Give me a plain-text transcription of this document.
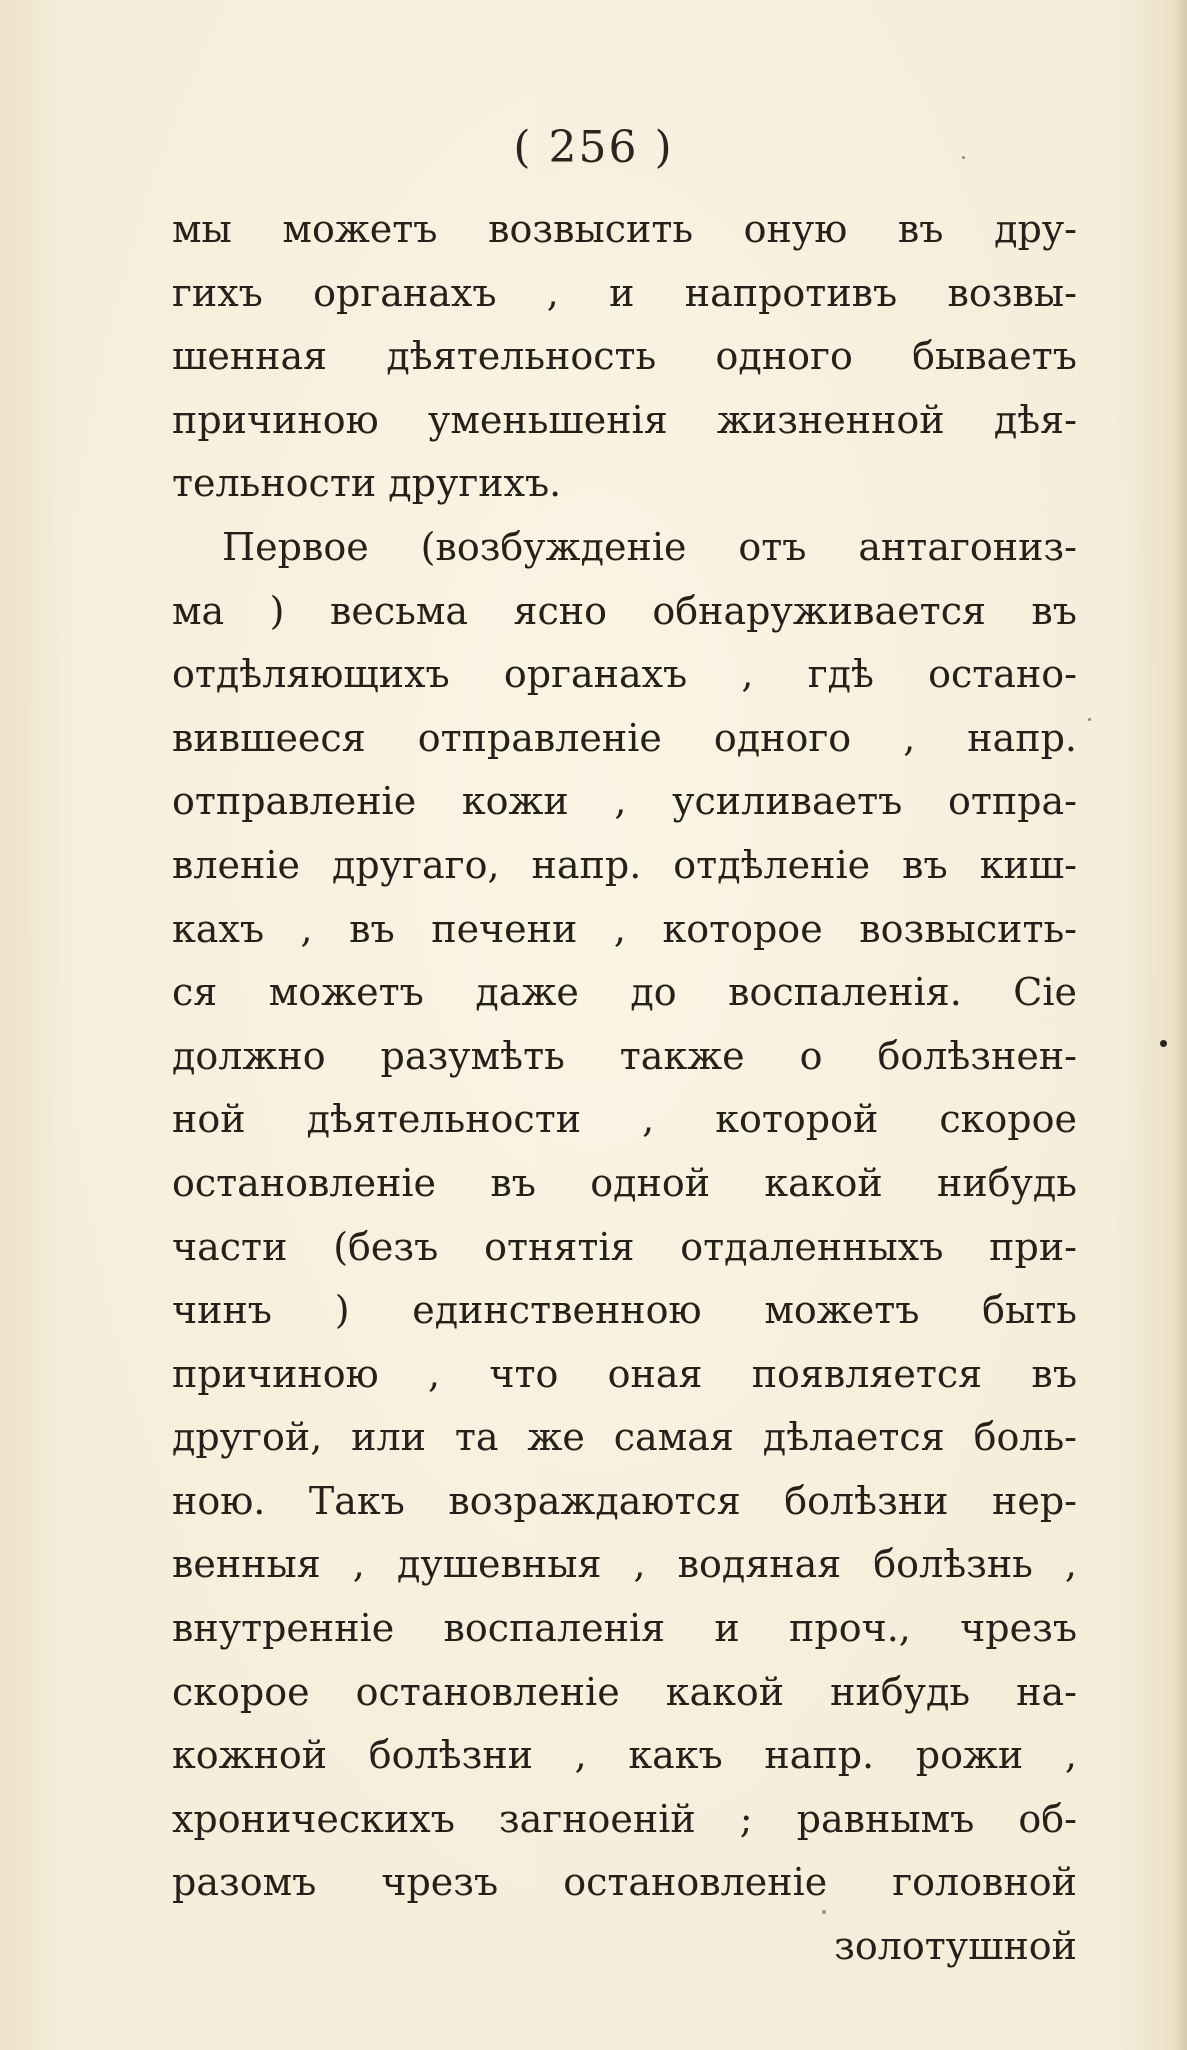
( 256 )
мы можетъ возвысить оную въ дру-
гихъ органахъ , и напротивъ возвы-
шенная дѣятельность одного бываетъ
причиною уменьшенія жизненной дѣя-
тельности другихъ.
Первое (возбужденіе отъ антагониз-
ма ) весьма ясно обнаруживается въ
отдѣляющихъ органахъ , гдѣ остано-
вившееся отправленіе одного , напр.
отправленіе кожи , усиливаетъ отпра-
вленіе другаго, напр. отдѣленіе въ киш-
кахъ , въ печени , которое возвысить-
ся можетъ даже до воспаленія. Сіе
должно разумѣть также о болѣзнен-
ной дѣятельности , которой скорое
остановленіе въ одной какой нибудь
части (безъ отнятія отдаленныхъ при-
чинъ ) единственною можетъ быть
причиною , что оная появляется въ
другой, или та же самая дѣлается боль-
ною. Такъ возраждаются болѣзни нер-
венныя , душевныя , водяная болѣзнь ,
внутренніе воспаленія и проч., чрезъ
скорое остановленіе какой нибудь на-
кожной болѣзни , какъ напр. рожи ,
хроническихъ загноеній ; равнымъ об-
разомъ чрезъ остановленіе головной
золотушной
